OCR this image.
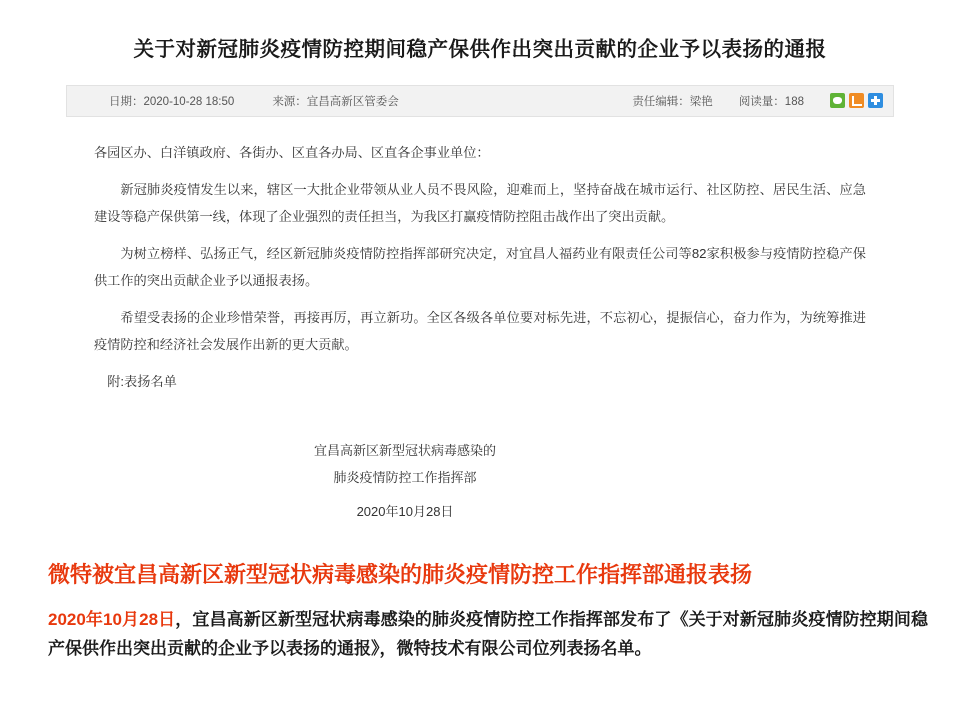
关于对新冠肺炎疫情防控期间稳产保供作出突出贡献的企业予以表扬的通报
日期：2020-10-28 18:50	来源：宜昌高新区管委会	责任编辑：梁艳 阅读量：188

各园区办、白洋镇政府、各街办、区直各办局、区直各企事业单位：

新冠肺炎疫情发生以来，辖区一大批企业带领从业人员不畏风险，迎难而上，坚持奋战在城市运行、社区防控、居民生活、应急建设等稳产保供第一线，体现了企业强烈的责任担当，为我区打赢疫情防控阻击战作出了突出贡献。

为树立榜样、弘扬正气，经区新冠肺炎疫情防控指挥部研究决定，对宜昌人福药业有限责任公司等82家积极参与疫情防控稳产保供工作的突出贡献企业予以通报表扬。

希望受表扬的企业珍惜荣誉，再接再厉，再立新功。全区各级各单位要对标先进，不忘初心，提振信心，奋力作为，为统筹推进疫情防控和经济社会发展作出新的更大贡献。

附:表扬名单

宜昌高新区新型冠状病毒感染的
肺炎疫情防控工作指挥部
2020年10月28日
微特被宜昌高新区新型冠状病毒感染的肺炎疫情防控工作指挥部通报表扬

2020年10月28日，宜昌高新区新型冠状病毒感染的肺炎疫情防控工作指挥部发布了《关于对新冠肺炎疫情防控期间稳产保供作出突出贡献的企业予以表扬的通报》，微特技术有限公司位列表扬名单。
